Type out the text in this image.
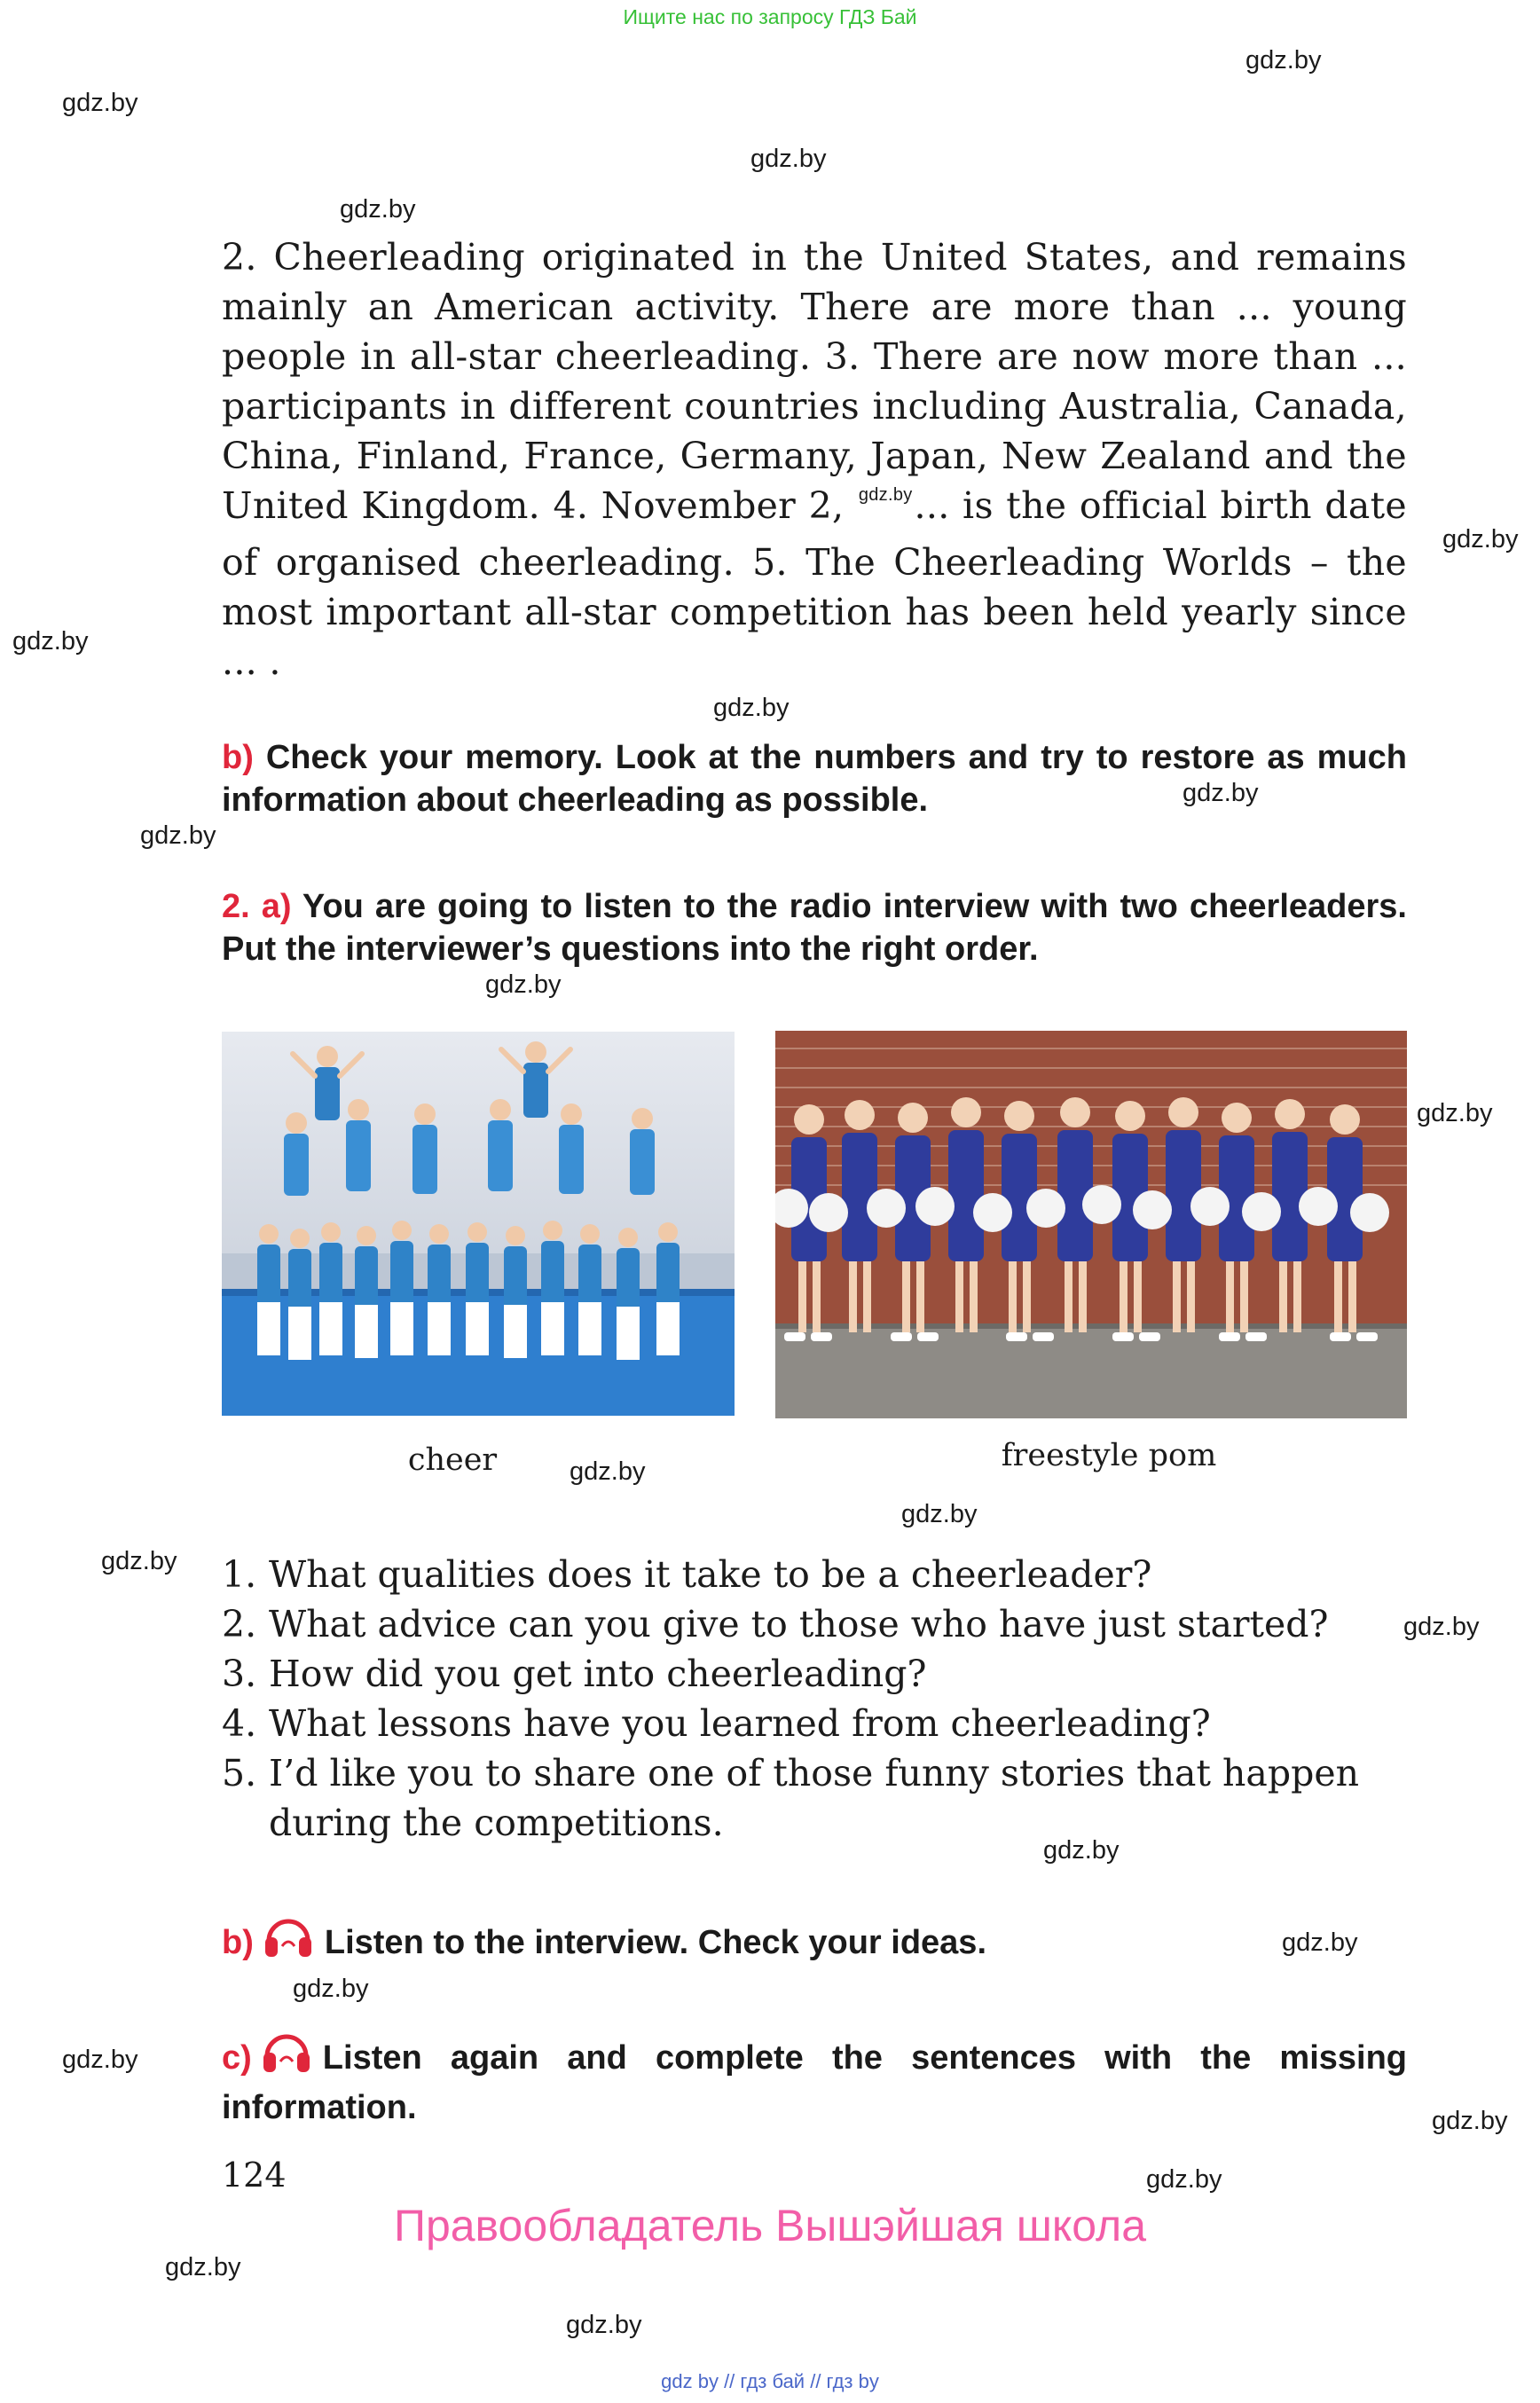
Ищите нас по запросу ГДЗ Бай
gdz.by
gdz.by
gdz.by
gdz.by
gdz.by
gdz.by
gdz.by
gdz.by
gdz.by
gdz.by
gdz.by
gdz.by
gdz.by
gdz.by
gdz.by
gdz.by
gdz.by
gdz.by
gdz.by
gdz.by
gdz.by
gdz.by
gdz.by
2. Cheerleading originated in the United States, and remains mainly an American activity. There are more than ... young people in all-star cheerleading. 3. There are now more than ... participants in different countries including Australia, Canada, China, Finland, France, Germany, Japan, New Zealand and the United Kingdom. 4. November 2, $^{gdz.by}$... is the official birth date of organised cheerleading. 5. The Cheerleading Worlds – the most important all-star competition has been held yearly since ... .
b) Check your memory. Look at the numbers and try to restore as much information about cheerleading as possible.
2. a) You are going to listen to the radio interview with two cheerleaders. Put the interviewer’s questions into the right order.
cheer	freestyle pom
1. What qualities does it take to be a cheerleader?
2. What advice can you give to those who have just started?
3. How did you get into cheerleading?
4. What lessons have you learned from cheerleading?
5. I’d like you to share one of those funny stories that happen during the competitions.
b) Listen to the interview. Check your ideas.
c) Listen again and complete the sentences with the missing information.
124
Правообладатель Вышэйшая школа
gdz by // гдз бай // гдз by
